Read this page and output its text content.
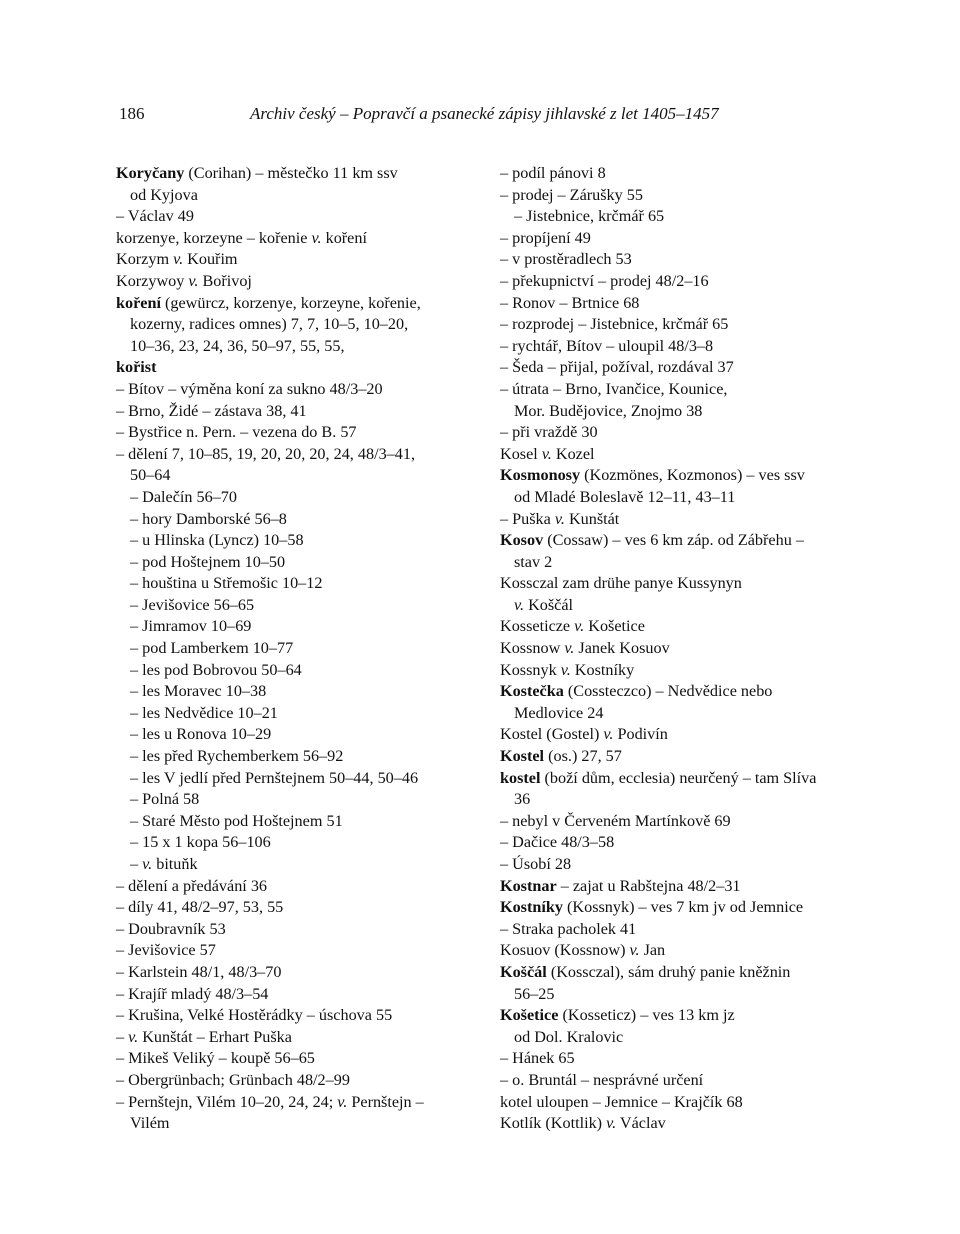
186	Archiv český – Popravčí a psanecké zápisy jihlavské z let 1405–1457
Koryčany (Corihan) – městečko 11 km ssv
od Kyjova
– Václav 49
korzenye, korzeyne – kořenie v. koření
Korzym v. Kouřim
Korzywoy v. Bořivoj
koření (gewürcz, korzenye, korzeyne, kořenie,
kozerny, radices omnes) 7, 7, 10–5, 10–20,
10–36, 23, 24, 36, 50–97, 55, 55,
kořist
– Bítov – výměna koní za sukno 48/3–20
– Brno, Židé – zástava 38, 41
– Bystřice n. Pern. – vezena do B. 57
– dělení 7, 10–85, 19, 20, 20, 20, 24, 48/3–41,
50–64
– Dalečín 56–70
– hory Damborské 56–8
– u Hlinska (Lyncz) 10–58
– pod Hoštejnem 10–50
– houština u Střemošic 10–12
– Jevišovice 56–65
– Jimramov 10–69
– pod Lamberkem 10–77
– les pod Bobrovou 50–64
– les Moravec 10–38
– les Nedvědice 10–21
– les u Ronova 10–29
– les před Rychemberkem 56–92
– les V jedlí před Pernštejnem 50–44, 50–46
– Polná 58
– Staré Město pod Hoštejnem 51
– 15 x 1 kopa 56–106
– v. bituňk
– dělení a předávání 36
– díly 41, 48/2–97, 53, 55
– Doubravník 53
– Jevišovice 57
– Karlstein 48/1, 48/3–70
– Krajíř mladý 48/3–54
– Krušina, Velké Hostěrádky – úschova 55
– v. Kunštát – Erhart Puška
– Mikeš Veliký – koupě 56–65
– Obergrünbach; Grünbach 48/2–99
– Pernštejn, Vilém 10–20, 24, 24; v. Pernštejn –
Vilém
– podíl pánovi 8
– prodej – Zárušky 55
– Jistebnice, krčmář 65
– propíjení 49
– v prostěradlech 53
– překupnictví – prodej 48/2–16
– Ronov – Brtnice 68
– rozprodej – Jistebnice, krčmář 65
– rychtář, Bítov – uloupil 48/3–8
– Šeda – přijal, požíval, rozdával 37
– útrata – Brno, Ivančice, Kounice,
Mor. Budějovice, Znojmo 38
– při vraždě 30
Kosel v. Kozel
Kosmonosy (Kozmönes, Kozmonos) – ves ssv
od Mladé Boleslavě 12–11, 43–11
– Puška v. Kunštát
Kosov (Cossaw) – ves 6 km záp. od Zábřehu –
stav 2
Kossczal zam drühe panye Kussynyn
v. Koščál
Kosseticze v. Košetice
Kossnow v. Janek Kosuov
Kossnyk v. Kostníky
Kostečka (Cossteczco) – Nedvědice nebo
Medlovice 24
Kostel (Gostel) v. Podivín
Kostel (os.) 27, 57
kostel (boží dům, ecclesia) neurčený – tam Slíva
36
– nebyl v Červeném Martínkově 69
– Dačice 48/3–58
– Úsobí 28
Kostnar – zajat u Rabštejna 48/2–31
Kostníky (Kossnyk) – ves 7 km jv od Jemnice
– Straka pacholek 41
Kosuov (Kossnow) v. Jan
Koščál (Kossczal), sám druhý panie kněžnin
56–25
Košetice (Kosseticz) – ves 13 km jz
od Dol. Kralovic
– Hánek 65
– o. Bruntál – nesprávné určení
kotel uloupen – Jemnice – Krajčík 68
Kotlík (Kottlik) v. Václav
